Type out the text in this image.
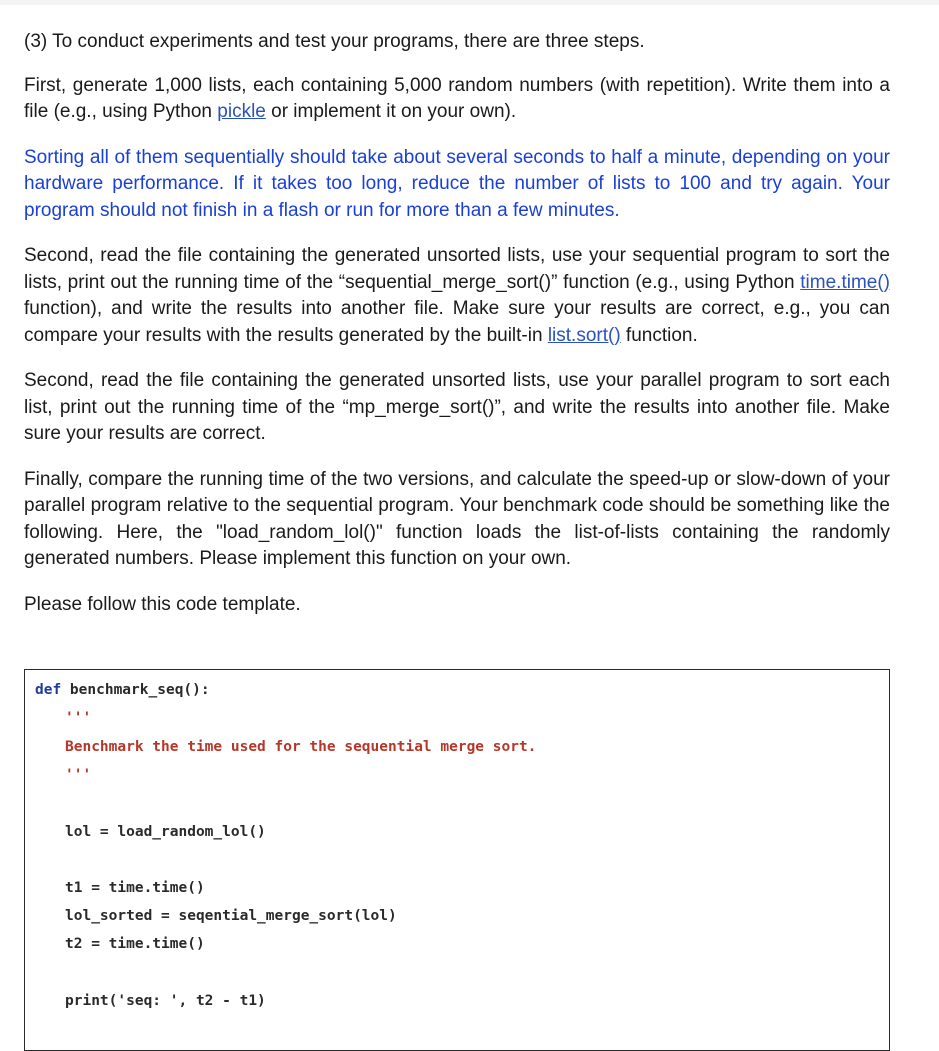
(3) To conduct experiments and test your programs, there are three steps.

First, generate 1,000 lists, each containing 5,000 random numbers (with repetition). Write them into a file (e.g., using Python pickle or implement it on your own).

Sorting all of them sequentially should take about several seconds to half a minute, depending on your hardware performance. If it takes too long, reduce the number of lists to 100 and try again. Your program should not finish in a flash or run for more than a few minutes.

Second, read the file containing the generated unsorted lists, use your sequential program to sort the lists, print out the running time of the “sequential_merge_sort()” function (e.g., using Python time.time() function), and write the results into another file. Make sure your results are correct, e.g., you can compare your results with the results generated by the built-in list.sort() function.

Second, read the file containing the generated unsorted lists, use your parallel program to sort each list, print out the running time of the “mp_merge_sort()”, and write the results into another file. Make sure your results are correct.

Finally, compare the running time of the two versions, and calculate the speed-up or slow-down of your parallel program relative to the sequential program. Your benchmark code should be something like the following. Here, the "load_random_lol()" function loads the list-of-lists containing the randomly generated numbers. Please implement this function on your own.

Please follow this code template.

def benchmark_seq():
'''
Benchmark the time used for the sequential merge sort.
'''
lol = load_random_lol()
t1 = time.time()
lol_sorted = seqential_merge_sort(lol)
t2 = time.time()
print('seq: ', t2 - t1)
